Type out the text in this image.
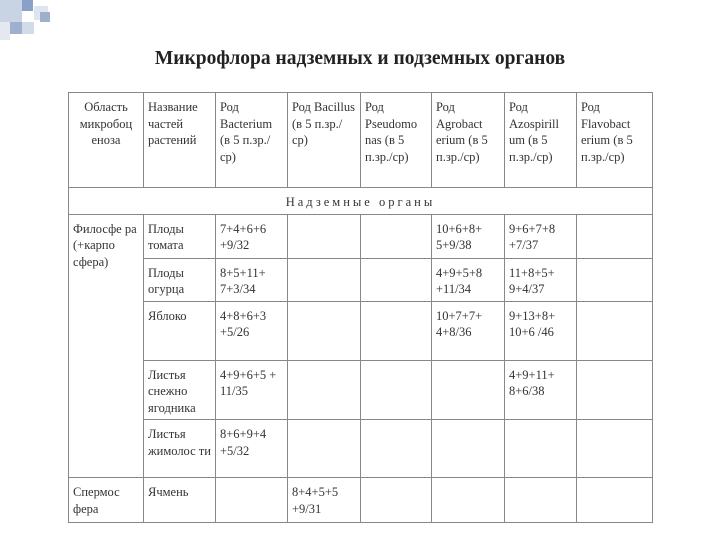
Микрофлора надземных и подземных органов
Область микробоц еноза	Название частей растений	Род Bacterium (в 5 п.зр./ср)	Род Bacillus (в 5 п.зр./ср)	Род Pseudomo nas (в 5 п.зр./ср)	Род Agrobact erium (в 5 п.зр./ср)	Род Azospirill um (в 5 п.зр./ср)	Род Flavobact erium (в 5 п.зр./ср)
Надземные органы							
Филосфе ра (+карпо сфера)	Плоды томата	7+4+6+6 +9/32			10+6+8+ 5+9/38	9+6+7+8 +7/37	
	Плоды огурца	8+5+11+ 7+3/34			4+9+5+8 +11/34	11+8+5+ 9+4/37	
	Яблоко	4+8+6+3 +5/26			10+7+7+ 4+8/36	9+13+8+ 10+6 /46	
	Листья снежно ягодника	4+9+6+5 + 11/35				4+9+11+ 8+6/38	
	Листья жимолос ти	8+6+9+4 +5/32					
Спермос фера	Ячмень		8+4+5+5 +9/31				
